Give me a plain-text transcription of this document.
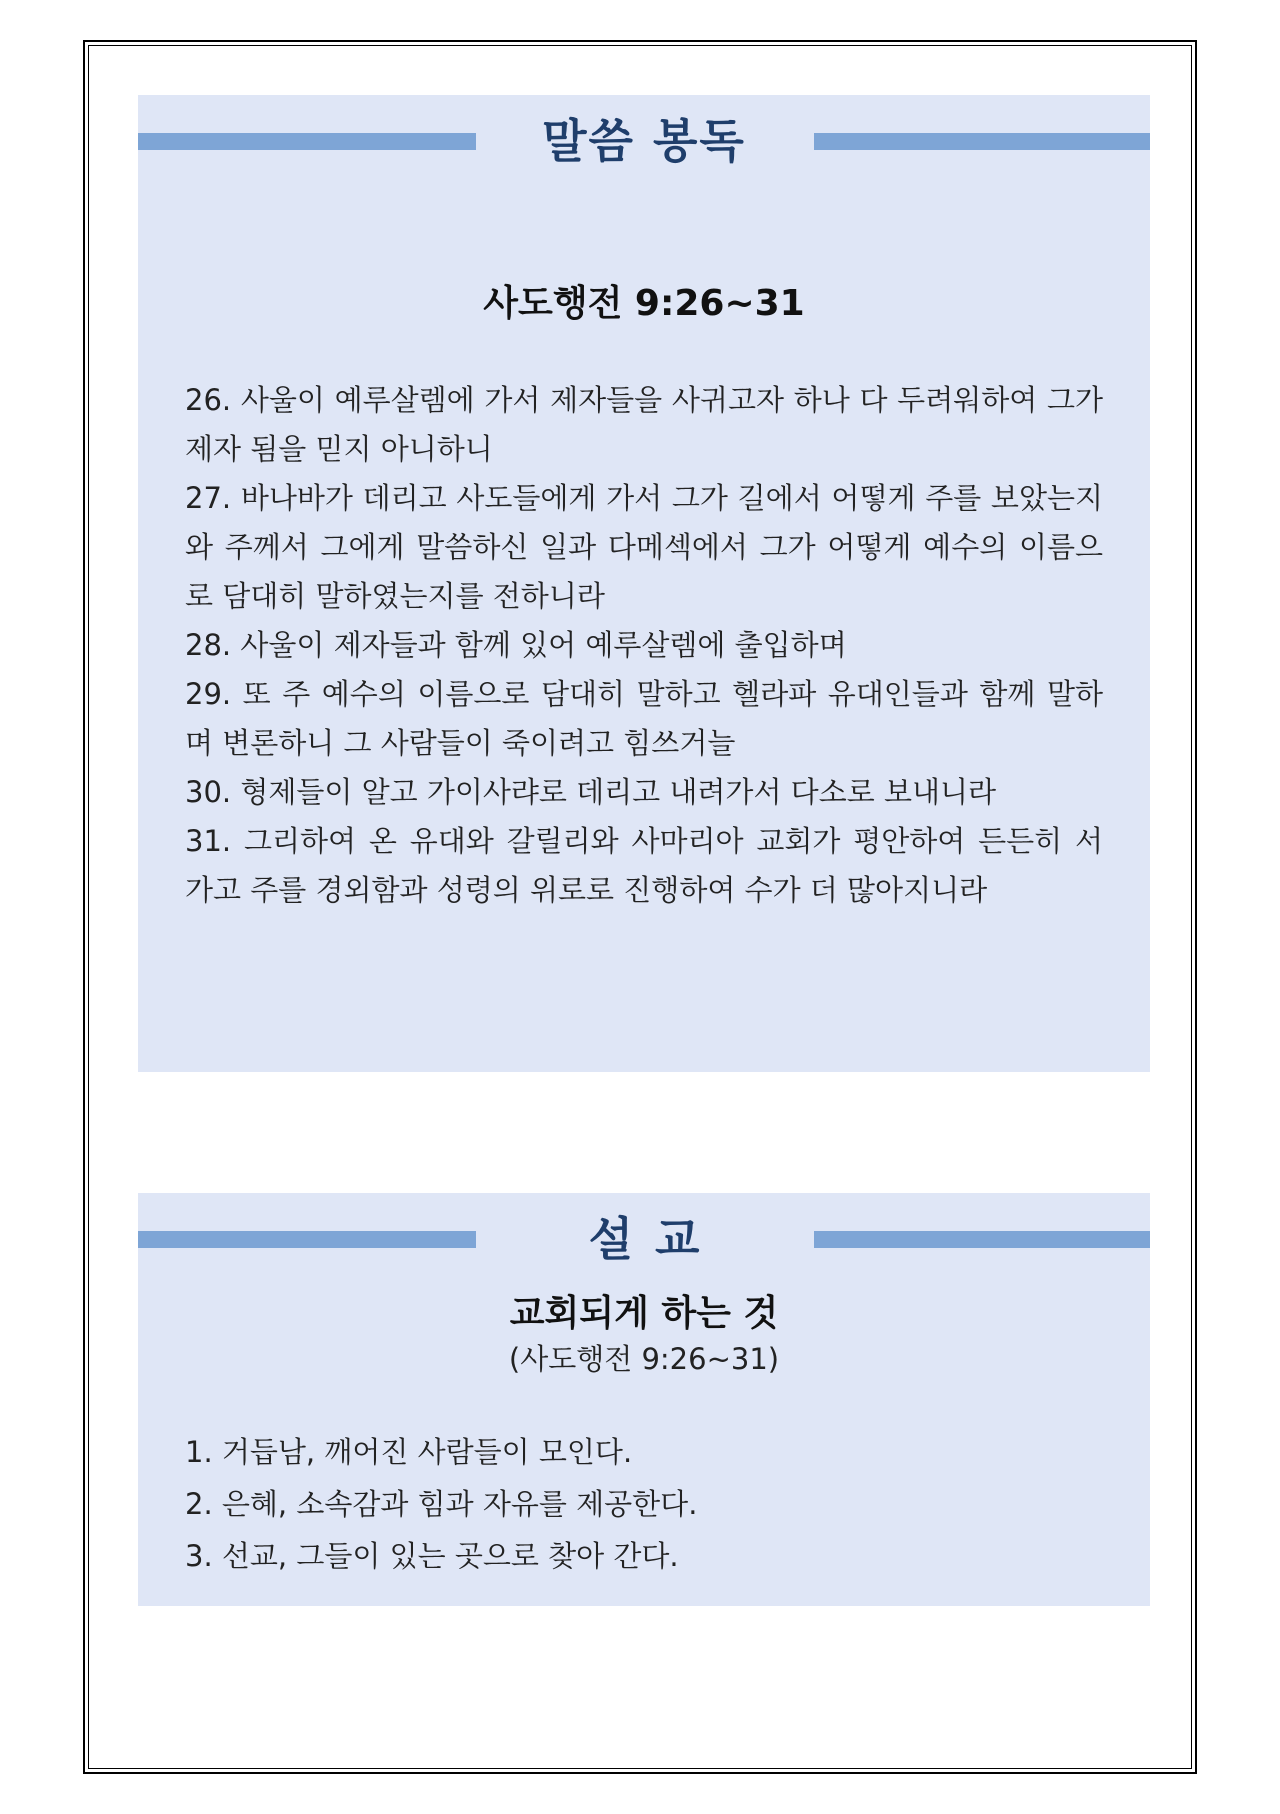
말씀 봉독
사도행전 9:26~31

26. 사울이 예루살렘에 가서 제자들을 사귀고자 하나 다 두려워하여 그가 제자 됨을 믿지 아니하니

27. 바나바가 데리고 사도들에게 가서 그가 길에서 어떻게 주를 보았는지와 주께서 그에게 말씀하신 일과 다메섹에서 그가 어떻게 예수의 이름으로 담대히 말하였는지를 전하니라

28. 사울이 제자들과 함께 있어 예루살렘에 출입하며

29. 또 주 예수의 이름으로 담대히 말하고 헬라파 유대인들과 함께 말하며 변론하니 그 사람들이 죽이려고 힘쓰거늘

30. 형제들이 알고 가이사랴로 데리고 내려가서 다소로 보내니라

31. 그리하여 온 유대와 갈릴리와 사마리아 교회가 평안하여 든든히 서 가고 주를 경외함과 성령의 위로로 진행하여 수가 더 많아지니라

설교
교회되게 하는 것
(사도행전 9:26~31)

1. 거듭남, 깨어진 사람들이 모인다.

2. 은혜, 소속감과 힘과 자유를 제공한다.

3. 선교, 그들이 있는 곳으로 찾아 간다.
